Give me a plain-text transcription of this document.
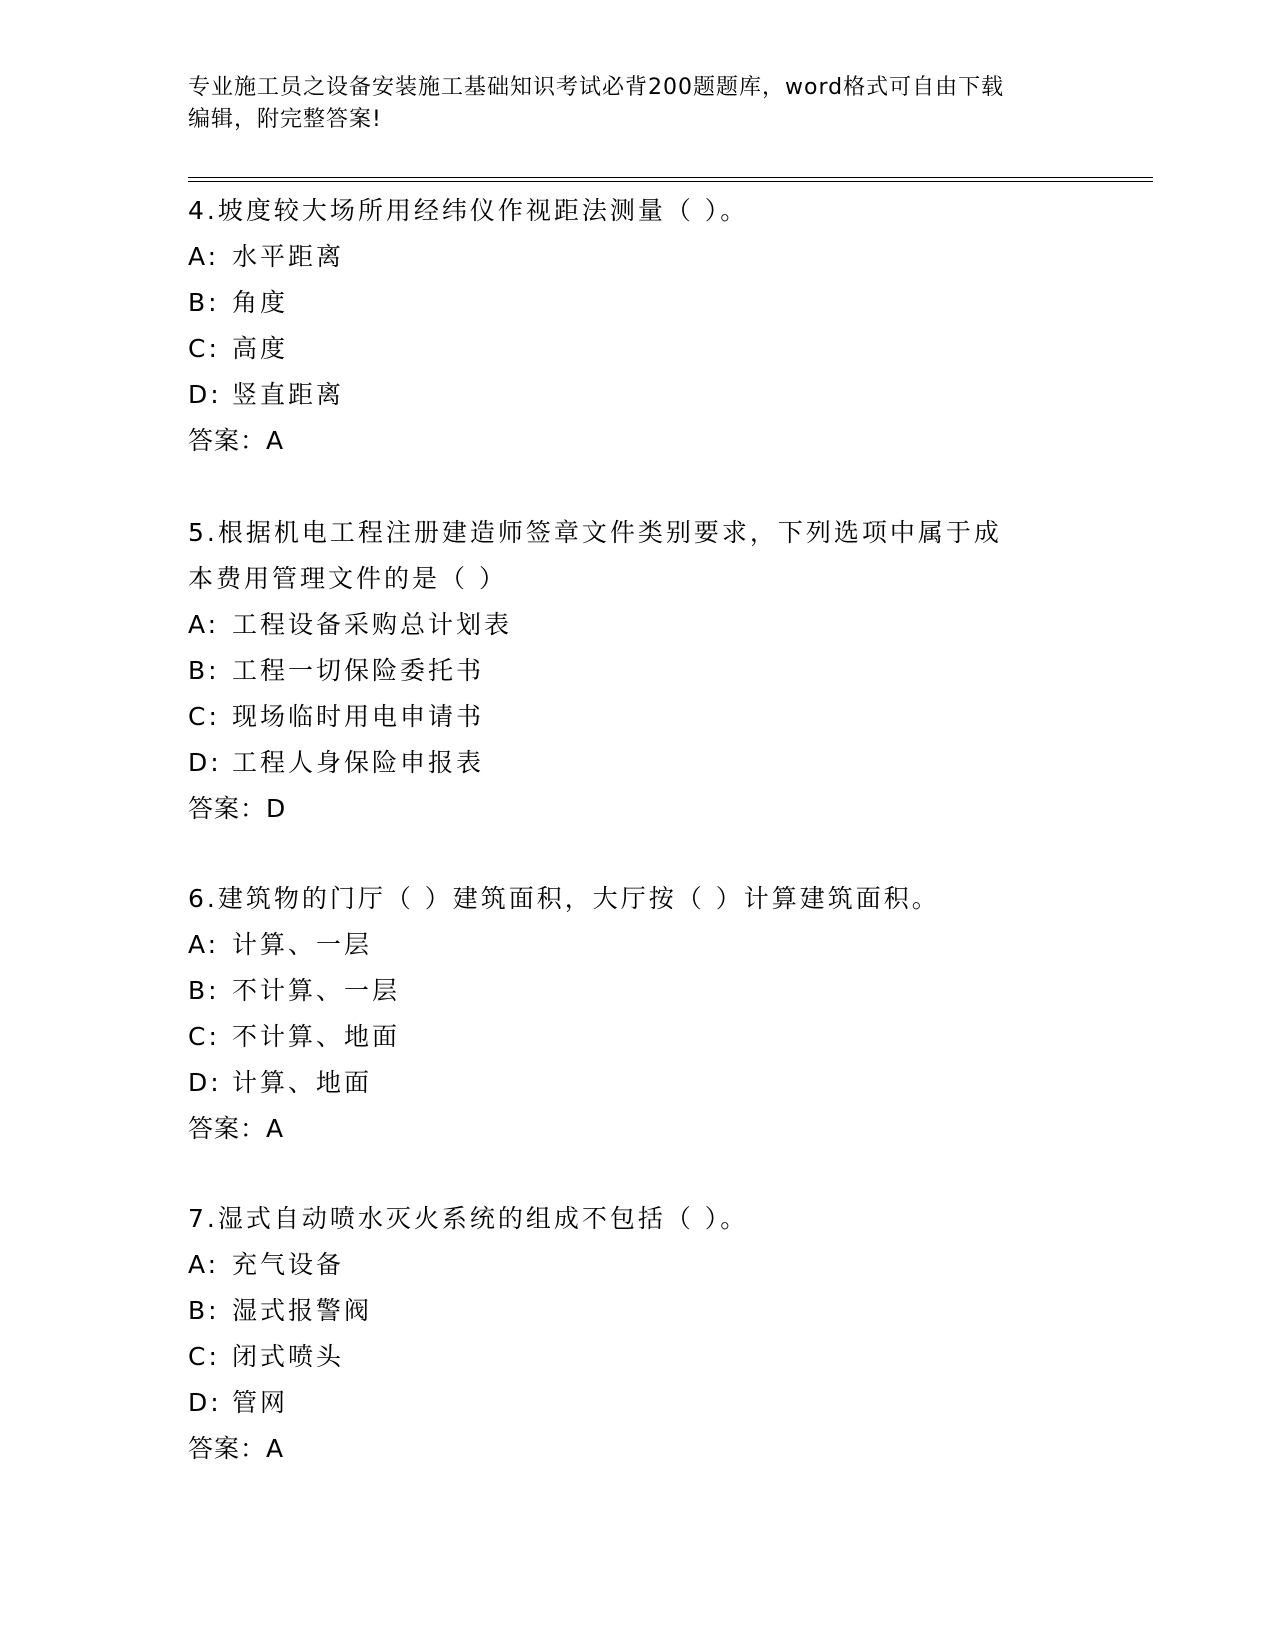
专业施工员之设备安装施工基础知识考试必背200题题库，word格式可自由下载
编辑，附完整答案!

4.坡度较大场所用经纬仪作视距法测量（ ）。

A: 水平距离

B: 角度

C: 高度

D: 竖直距离

答案：A

5.根据机电工程注册建造师签章文件类别要求，下列选项中属于成本费用管理文件的是（ ）

A: 工程设备采购总计划表

B: 工程一切保险委托书

C: 现场临时用电申请书

D: 工程人身保险申报表

答案：D

6.建筑物的门厅（ ）建筑面积，大厅按（ ）计算建筑面积。

A: 计算、一层

B: 不计算、一层

C: 不计算、地面

D: 计算、地面

答案：A

7.湿式自动喷水灭火系统的组成不包括（ ）。

A: 充气设备

B: 湿式报警阀

C: 闭式喷头

D: 管网

答案：A
